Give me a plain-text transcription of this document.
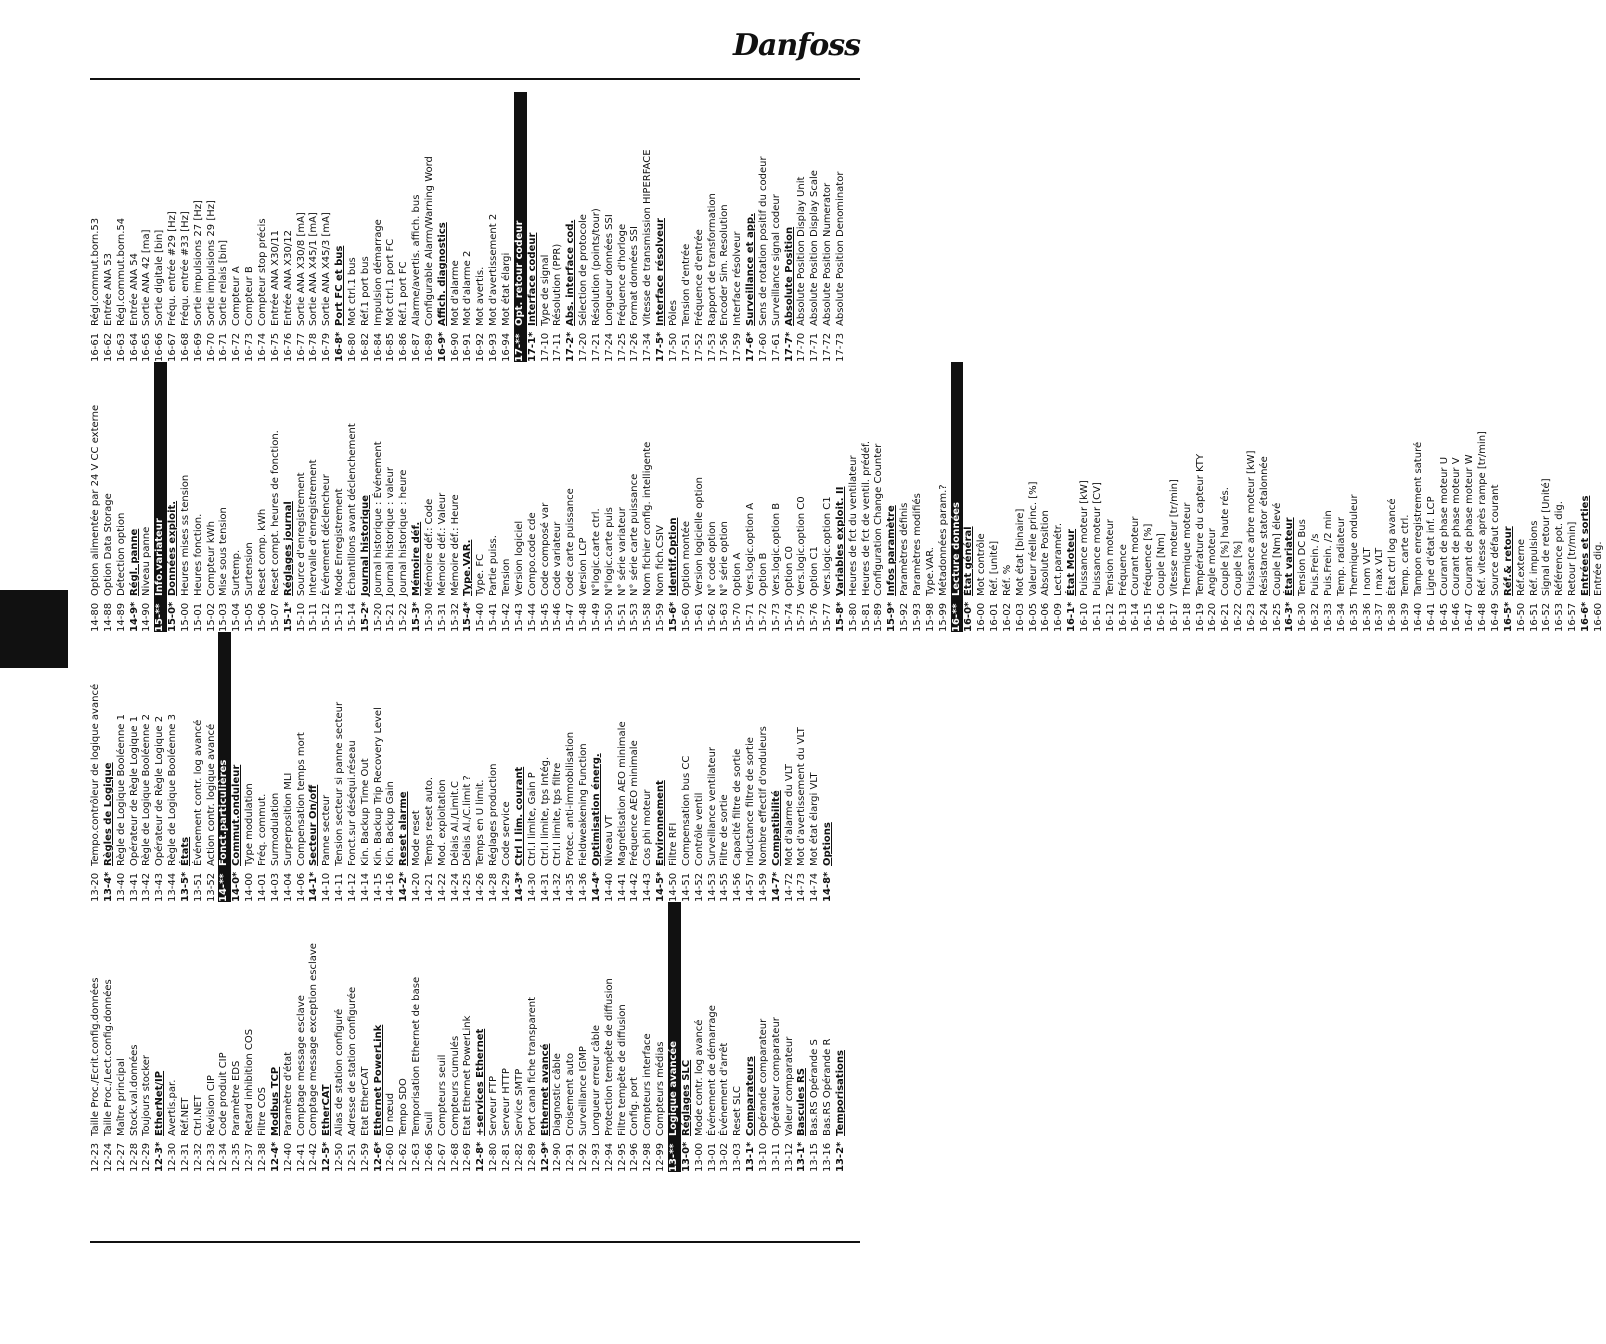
Danfoss
12-23
Taille Proc./Ecrit.config.données
12-24
Taille Proc./Lect.config.données
12-27
Maître principal
12-28
Stock.val.données
12-29
Toujours stocker
12-3*
EtherNet/IP
12-30
Avertis.par.
12-31
Réf.NET
12-32
Ctrl.NET
12-33
Révision CIP
12-34
Code produit CIP
12-35
Paramètre EDS
12-37
Retard inhibition COS
12-38
Filtre COS
12-4*
Modbus TCP
12-40
Paramètre d'état
12-41
Comptage message esclave
12-42
Comptage message exception esclave
12-5*
EtherCAT
12-50
Alias de station configuré
12-51
Adresse de station configurée
12-59
Etat EtherCAT
12-6*
Ethernet PowerLink
12-60
ID nœud
12-62
Tempo SDO
12-63
Temporisation Ethernet de base
12-66
Seuil
12-67
Compteurs seuil
12-68
Compteurs cumulés
12-69
Etat Ethernet PowerLink
12-8*
+services Ethernet
12-80
Serveur FTP
12-81
Serveur HTTP
12-82
Service SMTP
12-89
Port canal fiche transparent
12-9*
Ethernet avancé
12-90
Diagnostic câble
12-91
Croisement auto
12-92
Surveillance IGMP
12-93
Longueur erreur câble
12-94
Protection tempête de diffusion
12-95
Filtre tempête de diffusion
12-96
Config. port
12-98
Compteurs interface
12-99
Compteurs médias
13-**
Logique avancée
13-0*
Réglages SLC
13-00
Mode contr. log avancé
13-01
Événement de démarrage
13-02
Événement d'arrêt
13-03
Reset SLC
13-1*
Comparateurs
13-10
Opérande comparateur
13-11
Opérateur comparateur
13-12
Valeur comparateur
13-1*
Bascules RS
13-15
Bas.RS Opérande S
13-16
Bas.RS Opérande R
13-2*
Temporisations
13-20
Tempo.contrôleur de logique avancé
13-4*
Règles de Logique
13-40
Règle de Logique Booléenne 1
13-41
Opérateur de Règle Logique 1
13-42
Règle de Logique Booléenne 2
13-43
Opérateur de Règle Logique 2
13-44
Règle de Logique Booléenne 3
13-5*
États
13-51
Événement contr. log avancé
13-52
Action contr. logique avancé
14-**
Fonct.particulières
14-0*
Commut.onduleur
14-00
Type modulation
14-01
Fréq. commut.
14-03
Surmodulation
14-04
Surperposition MLI
14-06
Compensation temps mort
14-1*
Secteur On/off
14-10
Panne secteur
14-11
Tension secteur si panne secteur
14-12
Fonct.sur déséqui.réseau
14-14
Kin. Backup Time Out
14-15
Kin. Backup Trip Recovery Level
14-16
Kin. Backup Gain
14-2*
Reset alarme
14-20
Mode reset
14-21
Temps reset auto.
14-22
Mod. exploitation
14-24
Délais Al./Limit.C
14-25
Délais Al./C.limit ?
14-26
Temps en U limit.
14-28
Réglages production
14-29
Code service
14-3*
Ctrl I lim. courant
14-30
Ctrl.I limite, Gain P
14-31
Ctrl.I limite, tps Intég.
14-32
Ctrl.I limite, tps filtre
14-35
Protec. anti-immobilisation
14-36
Fieldweakening Function
14-4*
Optimisation énerg.
14-40
Niveau VT
14-41
Magnétisation AEO minimale
14-42
Fréquence AEO minimale
14-43
Cos phi moteur
14-5*
Environnement
14-50
Filtre RFI
14-51
Compensation bus CC
14-52
Contrôle ventil
14-53
Surveillance ventilateur
14-55
Filtre de sortie
14-56
Capacité filtre de sortie
14-57
Inductance filtre de sortie
14-59
Nombre effectif d'onduleurs
14-7*
Compatibilité
14-72
Mot d'alarme du VLT
14-73
Mot d'avertissement du VLT
14-74
Mot état élargi VLT
14-8*
Options
14-80
Option alimentée par 24 V CC externe
14-88
Option Data Storage
14-89
Détection option
14-9*
Régl. panne
14-90
Niveau panne
15-**
Info.variateur
15-0*
Données exploit.
15-00
Heures mises ss tension
15-01
Heures fonction.
15-02
Compteur kWh
15-03
Mise sous tension
15-04
Surtemp.
15-05
Surtension
15-06
Reset comp. kWh
15-07
Reset compt. heures de fonction.
15-1*
Réglages journal
15-10
Source d'enregistrement
15-11
Intervalle d'enregistrement
15-12
Événement déclencheur
15-13
Mode Enregistrement
15-14
Échantillons avant déclenchement
15-2*
Journal historique
15-20
Journal historique : Événement
15-21
Journal historique : valeur
15-22
Journal historique : heure
15-3*
Mémoire déf.
15-30
Mémoire déf.: Code
15-31
Mémoire déf.: Valeur
15-32
Mémoire déf.: Heure
15-4*
Type.VAR.
15-40
Type. FC
15-41
Partie puiss.
15-42
Tension
15-43
Version logiciel
15-44
Compo.code cde
15-45
Code composé var
15-46
Code variateur
15-47
Code carte puissance
15-48
Version LCP
15-49
N°logic.carte ctrl.
15-50
N°logic.carte puis
15-51
N° série variateur
15-53
N° série carte puissance
15-58
Nom fichier config. intelligente
15-59
Nom fich.CSIV
15-6*
Identif.Option
15-60
Option montée
15-61
Version logicielle option
15-62
N° code option
15-63
N° série option
15-70
Option A
15-71
Vers.logic.option A
15-72
Option B
15-73
Vers.logic.option B
15-74
Option C0
15-75
Vers.logic.option C0
15-76
Option C1
15-77
Vers.logic.option C1
15-8*
Variables exploit. II
15-80
Heures de fct du ventilateur
15-81
Heures de fct de ventil. prédéf.
15-89
Configuration Change Counter
15-9*
Infos paramètre
15-92
Paramètres définis
15-93
Paramètres modifiés
15-98
Type.VAR.
15-99
Métadonnées param.?
16-**
Lecture données
16-0*
État général
16-00
Mot contrôle
16-01
Réf. [unité]
16-02
Réf. %
16-03
Mot état [binaire]
16-05
Valeur réelle princ. [%]
16-06
Absolute Position
16-09
Lect.paramétr.
16-1*
État Moteur
16-10
Puissance moteur [kW]
16-11
Puissance moteur [CV]
16-12
Tension moteur
16-13
Fréquence
16-14
Courant moteur
16-15
Fréquence [%]
16-16
Couple [Nm]
16-17
Vitesse moteur [tr/min]
16-18
Thermique moteur
16-19
Température du capteur KTY
16-20
Angle moteur
16-21
Couple [%] haute rés.
16-22
Couple [%]
16-23
Puissance arbre moteur [kW]
16-24
Résistance stator étalonnée
16-25
Couple [Nm] élevé
16-3*
État variateur
16-30
Tension DC Bus
16-32
Puis.Frein. /s
16-33
Puis.Frein. /2 min
16-34
Temp. radiateur
16-35
Thermique onduleur
16-36
I nom VLT
16-37
I max VLT
16-38
État ctrl log avancé
16-39
Temp. carte ctrl.
16-40
Tampon enregistrement saturé
16-41
Ligne d'état inf. LCP
16-45
Courant de phase moteur U
16-46
Courant de phase moteur V
16-47
Courant de phase moteur W
16-48
Réf. vitesse après rampe [tr/min]
16-49
Source défaut courant
16-5*
Réf.& retour
16-50
Réf.externe
16-51
Réf. impulsions
16-52
Signal de retour [Unité]
16-53
Référence pot. dig.
16-57
Retour [tr/min]
16-6*
Entrées et sorties
16-60
Entrée dig.
16-61
Régl.commut.born.53
16-62
Entrée ANA 53
16-63
Régl.commut.born.54
16-64
Entrée ANA 54
16-65
Sortie ANA 42 [ma]
16-66
Sortie digitale [bin]
16-67
Fréqu. entrée #29 [Hz]
16-68
Fréqu. entrée #33 [Hz]
16-69
Sortie impulsions 27 [Hz]
16-70
Sortie impulsions 29 [Hz]
16-71
Sortie relais [bin]
16-72
Compteur A
16-73
Compteur B
16-74
Compteur stop précis
16-75
Entrée ANA X30/11
16-76
Entrée ANA X30/12
16-77
Sortie ANA X30/8 [mA]
16-78
Sortie ANA X45/1 [mA]
16-79
Sortie ANA X45/3 [mA]
16-8*
Port FC et bus
16-80
Mot ctrl.1 bus
16-82
Réf.1 port bus
16-84
Impulsion démarrage
16-85
Mot ctrl.1 port FC
16-86
Réf.1 port FC
16-87
Alarme/avertis. affich. bus
16-89
Configurable Alarm/Warning Word
16-9*
Affich. diagnostics
16-90
Mot d'alarme
16-91
Mot d'alarme 2
16-92
Mot avertis.
16-93
Mot d'avertissement 2
16-94
Mot état élargi
17-**
Opt. retour codeur
17-1*
Interface codeur
17-10
Type de signal
17-11
Résolution (PPR)
17-2*
Abs. interface cod.
17-20
Sélection de protocole
17-21
Résolution (points/tour)
17-24
Longueur données SSI
17-25
Fréquence d'horloge
17-26
Format données SSI
17-34
Vitesse de transmission HIPERFACE
17-5*
Interface résolveur
17-50
Pôles
17-51
Tension d'entrée
17-52
Fréquence d'entrée
17-53
Rapport de transformation
17-56
Encoder Sim. Resolution
17-59
Interface résolveur
17-6*
Surveillance et app.
17-60
Sens de rotation positif du codeur
17-61
Surveillance signal codeur
17-7*
Absolute Position
17-70
Absolute Position Display Unit
17-71
Absolute Position Display Scale
17-72
Absolute Position Numerator
17-73
Absolute Position Denominator
